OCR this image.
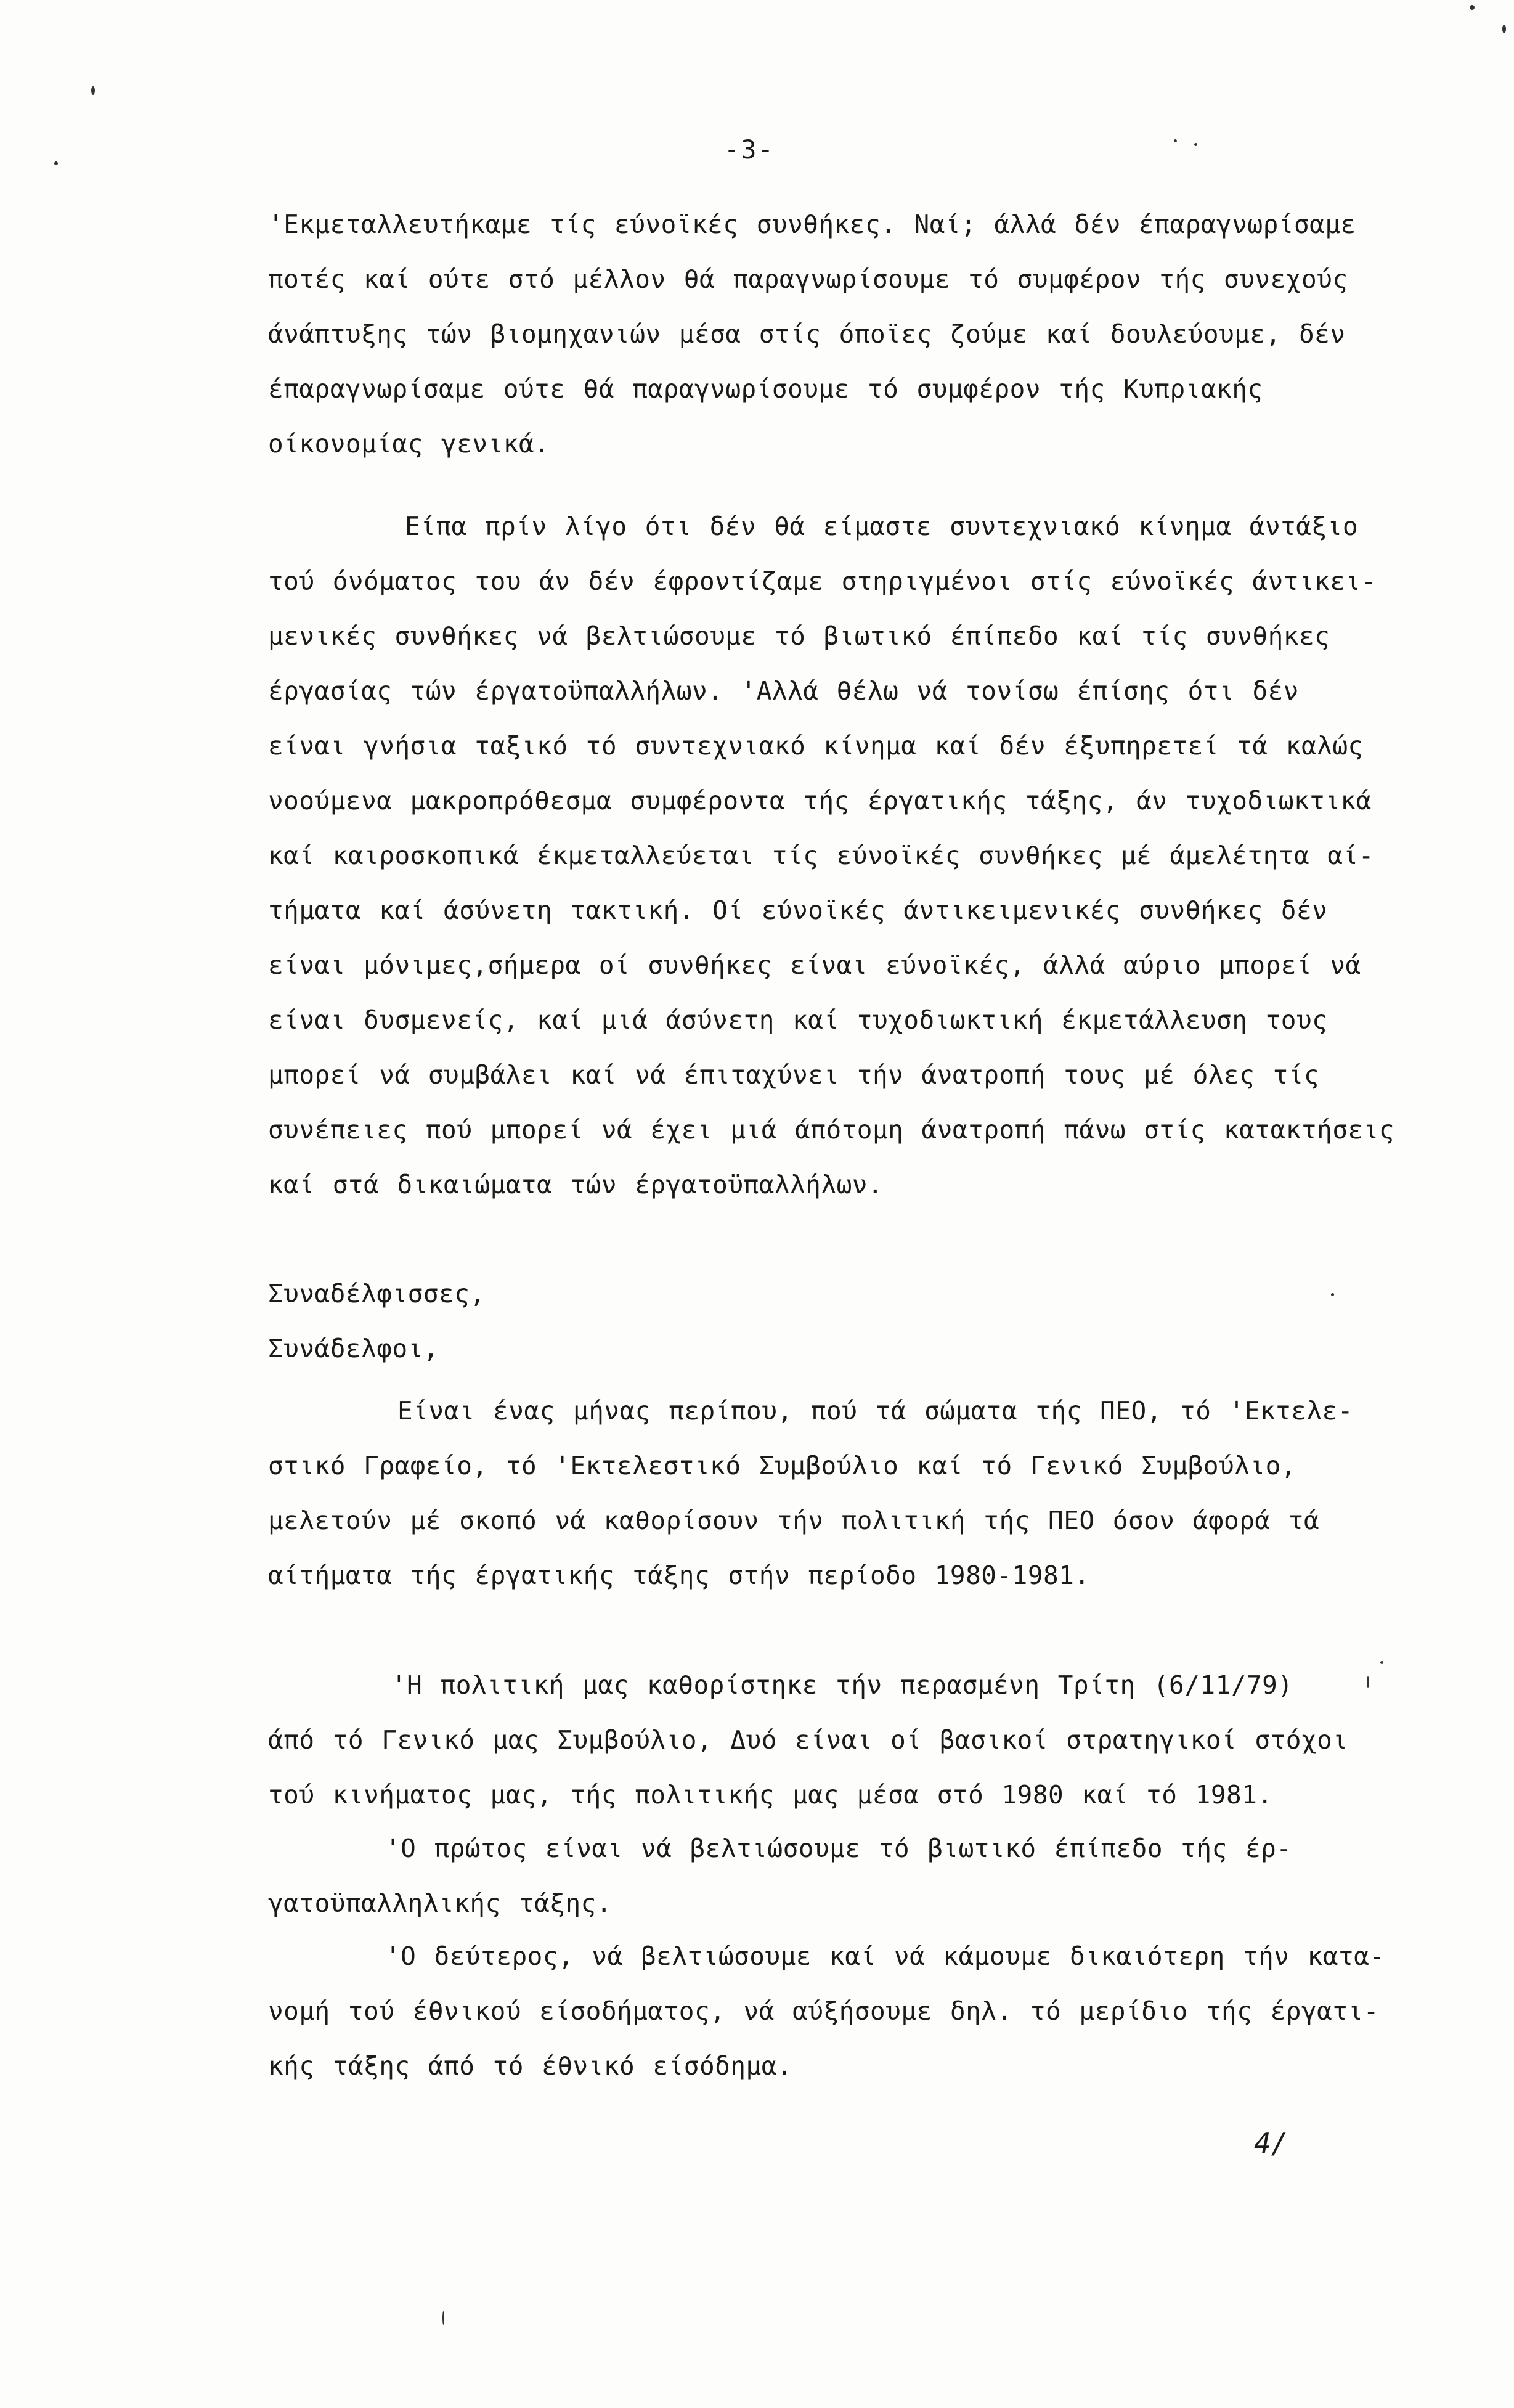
-3-
'Εκμεταλλευτήκαμε τίς εύνοϊκές συνθήκες. Ναί; άλλά δέν έπαραγνωρίσαμε
ποτές καί ούτε στό μέλλον θά παραγνωρίσουμε τό συμφέρον τής συνεχούς
άνάπτυξης τών βιομηχανιών μέσα στίς όποϊες ζούμε καί δουλεύουμε, δέν
έπαραγνωρίσαμε ούτε θά παραγνωρίσουμε τό συμφέρον τής Κυπριακής
οίκονομίας γενικά.
Είπα πρίν λίγο ότι δέν θά είμαστε συντεχνιακό κίνημα άντάξιο
τού όνόματος του άν δέν έφροντίζαμε στηριγμένοι στίς εύνοϊκές άντικει-
μενικές συνθήκες νά βελτιώσουμε τό βιωτικό έπίπεδο καί τίς συνθήκες
έργασίας τών έργατοϋπαλλήλων. 'Αλλά θέλω νά τονίσω έπίσης ότι δέν
είναι γνήσια ταξικό τό συντεχνιακό κίνημα καί δέν έξυπηρετεί τά καλώς
νοούμενα μακροπρόθεσμα συμφέροντα τής έργατικής τάξης, άν τυχοδιωκτικά
καί καιροσκοπικά έκμεταλλεύεται τίς εύνοϊκές συνθήκες μέ άμελέτητα αί-
τήματα καί άσύνετη τακτική. Οί εύνοϊκές άντικειμενικές συνθήκες δέν
είναι μόνιμες,σήμερα οί συνθήκες είναι εύνοϊκές, άλλά αύριο μπορεί νά
είναι δυσμενείς, καί μιά άσύνετη καί τυχοδιωκτική έκμετάλλευση τους
μπορεί νά συμβάλει καί νά έπιταχύνει τήν άνατροπή τους μέ όλες τίς
συνέπειες πού μπορεί νά έχει μιά άπότομη άνατροπή πάνω στίς κατακτήσεις
καί στά δικαιώματα τών έργατοϋπαλλήλων.
Συναδέλφισσες,
Συνάδελφοι,
Είναι ένας μήνας περίπου, πού τά σώματα τής ΠΕΟ, τό 'Εκτελε-
στικό Γραφείο, τό 'Εκτελεστικό Συμβούλιο καί τό Γενικό Συμβούλιο,
μελετούν μέ σκοπό νά καθορίσουν τήν πολιτική τής ΠΕΟ όσον άφορά τά
αίτήματα τής έργατικής τάξης στήν περίοδο 1980-1981.
'Η πολιτική μας καθορίστηκε τήν περασμένη Τρίτη (6/11/79)
άπό τό Γενικό μας Συμβούλιο, Δυό είναι οί βασικοί στρατηγικοί στόχοι
τού κινήματος μας, τής πολιτικής μας μέσα στό 1980 καί τό 1981.
'Ο πρώτος είναι νά βελτιώσουμε τό βιωτικό έπίπεδο τής έρ-
γατοϋπαλληλικής τάξης.
'Ο δεύτερος, νά βελτιώσουμε καί νά κάμουμε δικαιότερη τήν κατα-
νομή τού έθνικού είσοδήματος, νά αύξήσουμε δηλ. τό μερίδιο τής έργατι-
κής τάξης άπό τό έθνικό είσόδημα.
4/
